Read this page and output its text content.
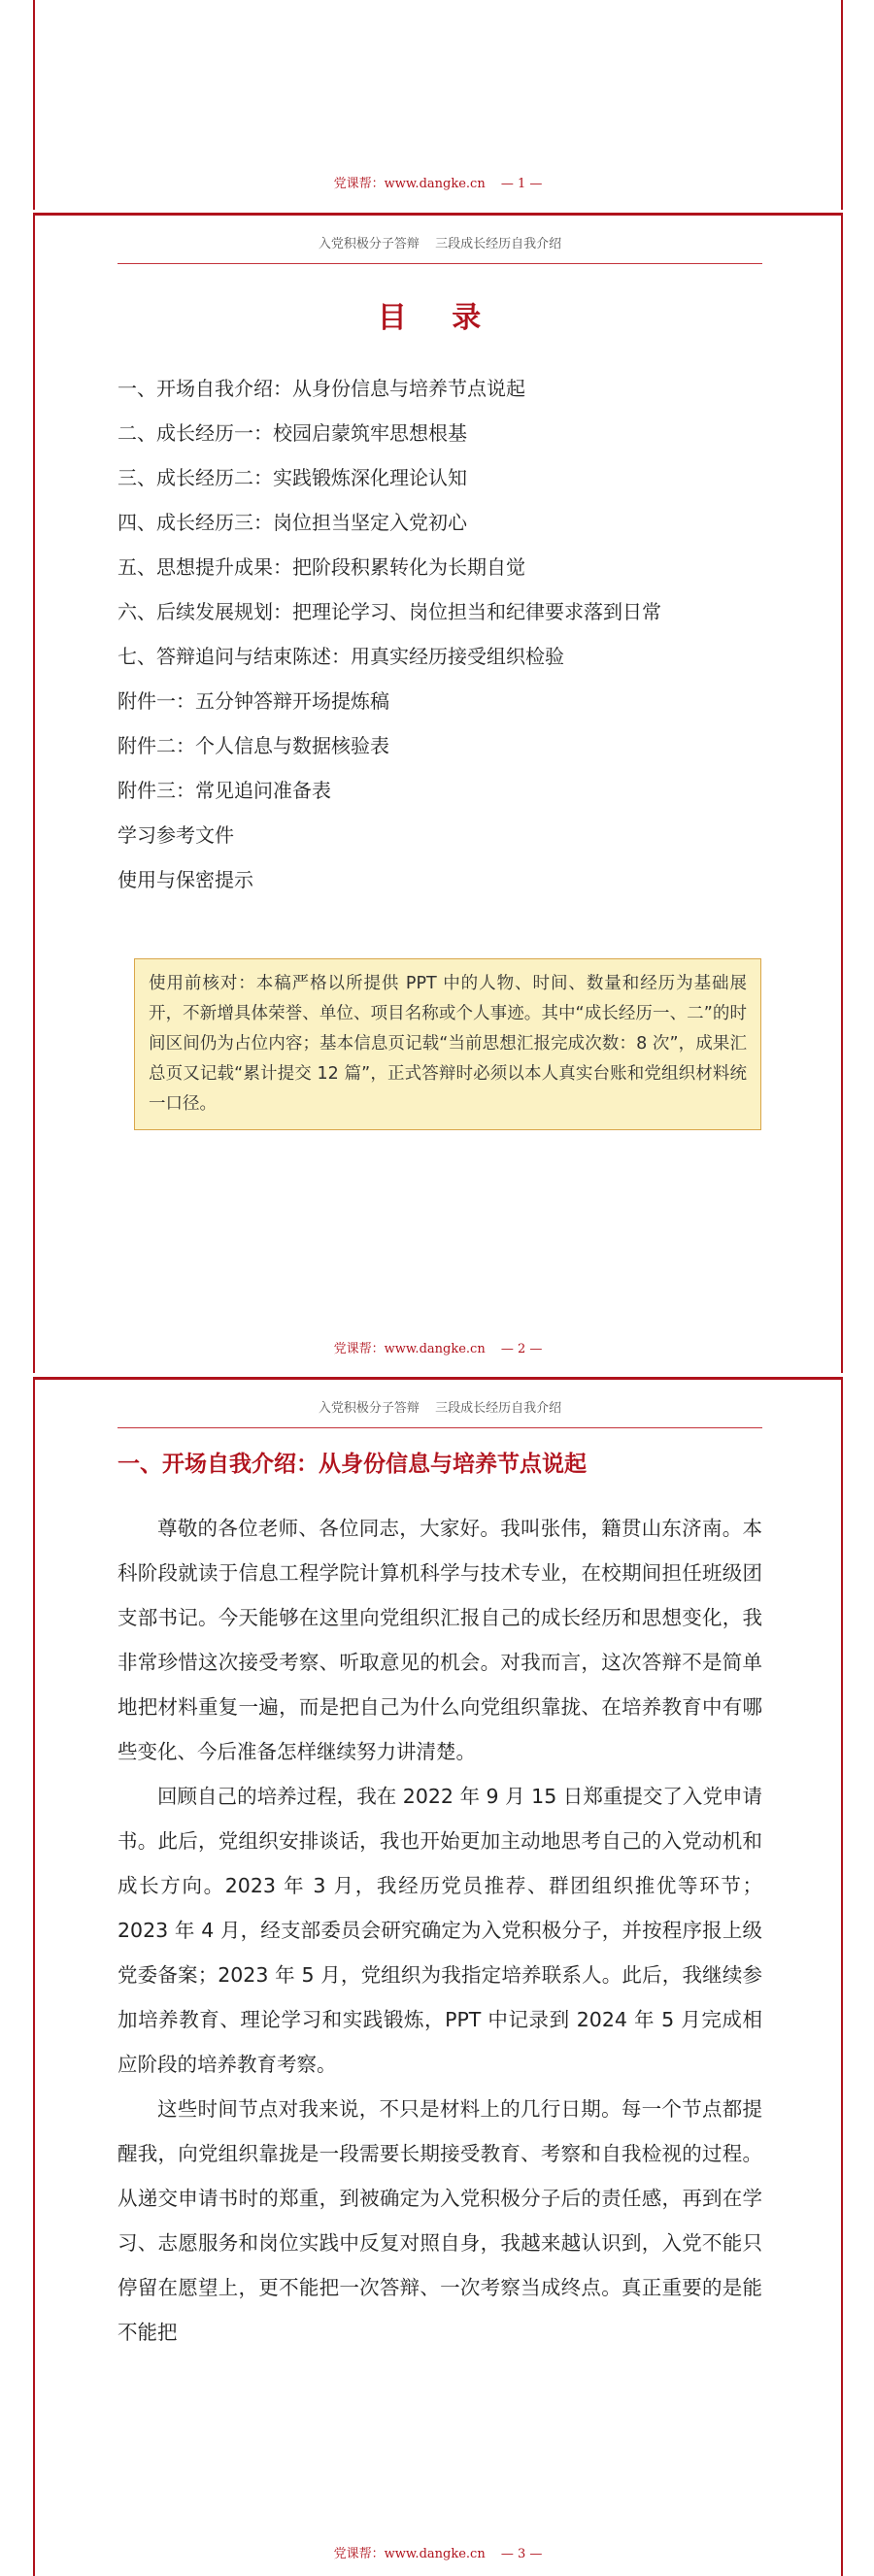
党课帮：www.dangke.cn — 1 —
入党积极分子答辩 三段成长经历自我介绍
目 录
一、开场自我介绍：从身份信息与培养节点说起
二、成长经历一：校园启蒙筑牢思想根基
三、成长经历二：实践锻炼深化理论认知
四、成长经历三：岗位担当坚定入党初心
五、思想提升成果：把阶段积累转化为长期自觉
六、后续发展规划：把理论学习、岗位担当和纪律要求落到日常
七、答辩追问与结束陈述：用真实经历接受组织检验
附件一：五分钟答辩开场提炼稿
附件二：个人信息与数据核验表
附件三：常见追问准备表
学习参考文件
使用与保密提示
使用前核对：本稿严格以所提供 PPT 中的人物、时间、数量和经历为基础展开，不新增具体荣誉、单位、项目名称或个人事迹。其中“成长经历一、二”的时间区间仍为占位内容；基本信息页记载“当前思想汇报完成次数：8 次”，成果汇总页又记载“累计提交 12 篇”，正式答辩时必须以本人真实台账和党组织材料统一口径。
党课帮：www.dangke.cn — 2 —
入党积极分子答辩 三段成长经历自我介绍
一、开场自我介绍：从身份信息与培养节点说起

尊敬的各位老师、各位同志，大家好。我叫张伟，籍贯山东济南。本科阶段就读于信息工程学院计算机科学与技术专业，在校期间担任班级团支部书记。今天能够在这里向党组织汇报自己的成长经历和思想变化，我非常珍惜这次接受考察、听取意见的机会。对我而言，这次答辩不是简单地把材料重复一遍，而是把自己为什么向党组织靠拢、在培养教育中有哪些变化、今后准备怎样继续努力讲清楚。

回顾自己的培养过程，我在 2022 年 9 月 15 日郑重提交了入党申请书。此后，党组织安排谈话，我也开始更加主动地思考自己的入党动机和成长方向。2023 年 3 月，我经历党员推荐、群团组织推优等环节；2023 年 4 月，经支部委员会研究确定为入党积极分子，并按程序报上级党委备案；2023 年 5 月，党组织为我指定培养联系人。此后，我继续参加培养教育、理论学习和实践锻炼，PPT 中记录到 2024 年 5 月完成相应阶段的培养教育考察。

这些时间节点对我来说，不只是材料上的几行日期。每一个节点都提醒我，向党组织靠拢是一段需要长期接受教育、考察和自我检视的过程。从递交申请书时的郑重，到被确定为入党积极分子后的责任感，再到在学习、志愿服务和岗位实践中反复对照自身，我越来越认识到，入党不能只停留在愿望上，更不能把一次答辩、一次考察当成终点。真正重要的是能不能把

党课帮：www.dangke.cn — 3 —
